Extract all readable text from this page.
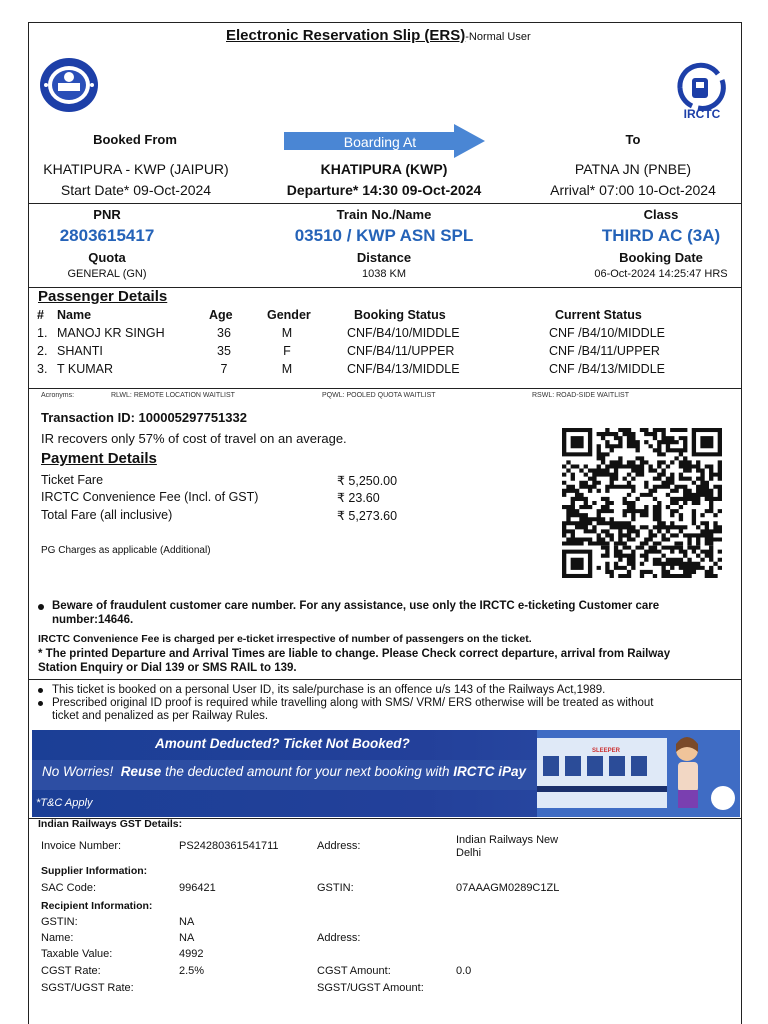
Electronic Reservation Slip (ERS)-Normal User
IRCTC
Booked From	Boarding At	To
KHATIPURA - KWP (JAIPUR)
Start Date* 09-Oct-2024
KHATIPURA (KWP)
Departure* 14:30 09-Oct-2024
PATNA JN (PNBE)
Arrival* 07:00 10-Oct-2024
PNR	Train No./Name	Class
2803615417	03510 / KWP ASN SPL	THIRD AC (3A)
Quota	Distance	Booking Date
GENERAL (GN)	1038 KM	06-Oct-2024 14:25:47 HRS
Passenger Details
# Name	Age	Gender	Booking Status	Current Status
1. MANOJ KR SINGH	36	M	CNF/B4/10/MIDDLE	CNF /B4/10/MIDDLE
2. SHANTI	35	F	CNF/B4/11/UPPER	CNF /B4/11/UPPER
3. T KUMAR	7	M	CNF/B4/13/MIDDLE	CNF /B4/13/MIDDLE
Acronyms:	RLWL: REMOTE LOCATION WAITLIST	PQWL: POOLED QUOTA WAITLIST	RSWL: ROAD-SIDE WAITLIST
Transaction ID: 100005297751332
IR recovers only 57% of cost of travel on an average.
Payment Details
Ticket Fare	₹ 5,250.00
IRCTC Convenience Fee (Incl. of GST)	₹ 23.60
Total Fare (all inclusive)	₹ 5,273.60
PG Charges as applicable (Additional)
Beware of fraudulent customer care number. For any assistance, use only the IRCTC e-ticketing Customer care
number:14646.
IRCTC Convenience Fee is charged per e-ticket irrespective of number of passengers on the ticket.
* The printed Departure and Arrival Times are liable to change. Please Check correct departure, arrival from Railway
Station Enquiry or Dial 139 or SMS RAIL to 139.
This ticket is booked on a personal User ID, its sale/purchase is an offence u/s 143 of the Railways Act,1989.
Prescribed original ID proof is required while travelling along with SMS/ VRM/ ERS otherwise will be treated as without
ticket and penalized as per Railway Rules.
Amount Deducted? Ticket Not Booked?
No Worries! Reuse the deducted amount for your next booking with IRCTC iPay
*T&C Apply
SLEEPER
Indian Railways GST Details:
Invoice Number:	PS24280361541711	Address:	Indian Railways New
Delhi
Supplier Information:
SAC Code:	996421	GSTIN:	07AAAGM0289C1ZL
Recipient Information:
GSTIN:	NA
Name:	NA	Address:
Taxable Value:	4992
CGST Rate:	2.5%	CGST Amount:	0.0
SGST/UGST Rate:	SGST/UGST Amount:
